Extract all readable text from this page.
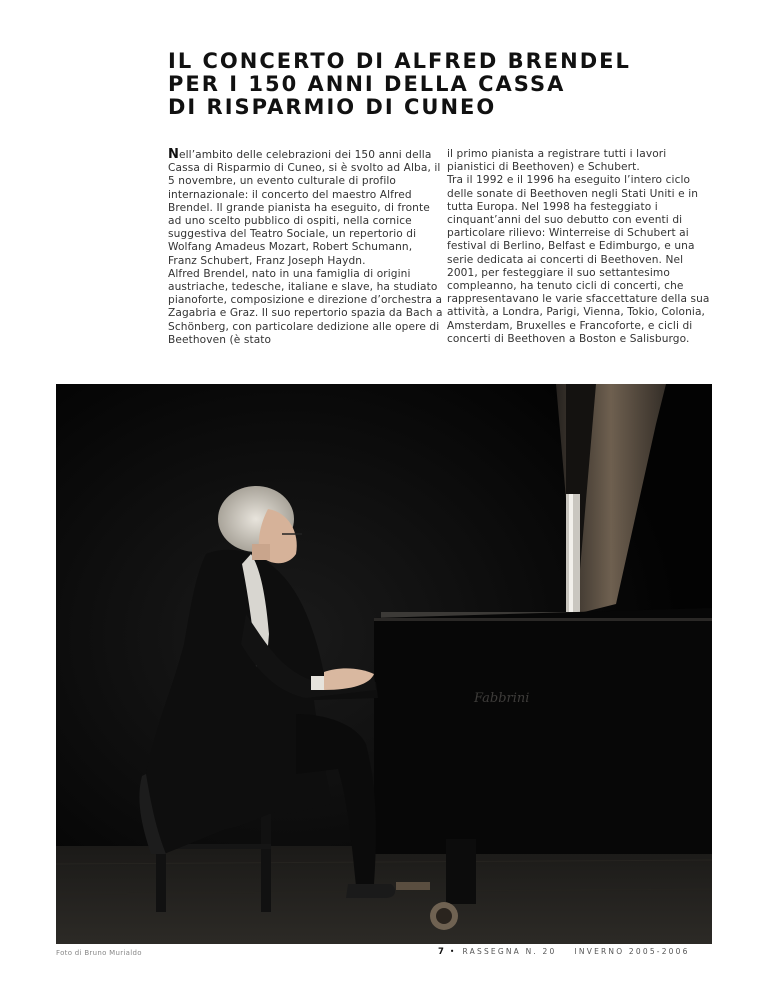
IL CONCERTO DI ALFRED BRENDEL
PER I 150 ANNI DELLA CASSA
DI RISPARMIO DI CUNEO

Nell’ambito delle celebrazioni dei 150 anni della Cassa di Risparmio di Cuneo, si è svolto ad Alba, il 5 novembre, un evento culturale di profilo internazionale: il concerto del maestro Alfred Brendel. Il grande pianista ha eseguito, di fronte ad uno scelto pubblico di ospiti, nella cornice suggestiva del Teatro Sociale, un repertorio di Wolfang Amadeus Mozart, Robert Schumann, Franz Schubert, Franz Joseph Haydn.

Alfred Brendel, nato in una famiglia di origini austriache, tedesche, italiane e slave, ha studiato pianoforte, composizione e direzione d’orchestra a Zagabria e Graz. Il suo repertorio spazia da Bach a Schönberg, con particolare dedizione alle opere di Beethoven (è stato

il primo pianista a registrare tutti i lavori pianistici di Beethoven) e Schubert.

Tra il 1992 e il 1996 ha eseguito l’intero ciclo delle sonate di Beethoven negli Stati Uniti e in tutta Europa. Nel 1998 ha festeggiato i cinquant’anni del suo debutto con eventi di particolare rilievo: Winterreise di Schubert ai festival di Berlino, Belfast e Edimburgo, e una serie dedicata ai concerti di Beethoven. Nel 2001, per festeggiare il suo settantesimo compleanno, ha tenuto cicli di concerti, che rappresentavano le varie sfaccettature della sua attività, a Londra, Parigi, Vienna, Tokio, Colonia, Amsterdam, Bruxelles e Francoforte, e cicli di concerti di Beethoven a Boston e Salisburgo.

Fabbrini
Foto di Bruno Murialdo	7 • RASSEGNA N. 20 INVERNO 2005-2006
